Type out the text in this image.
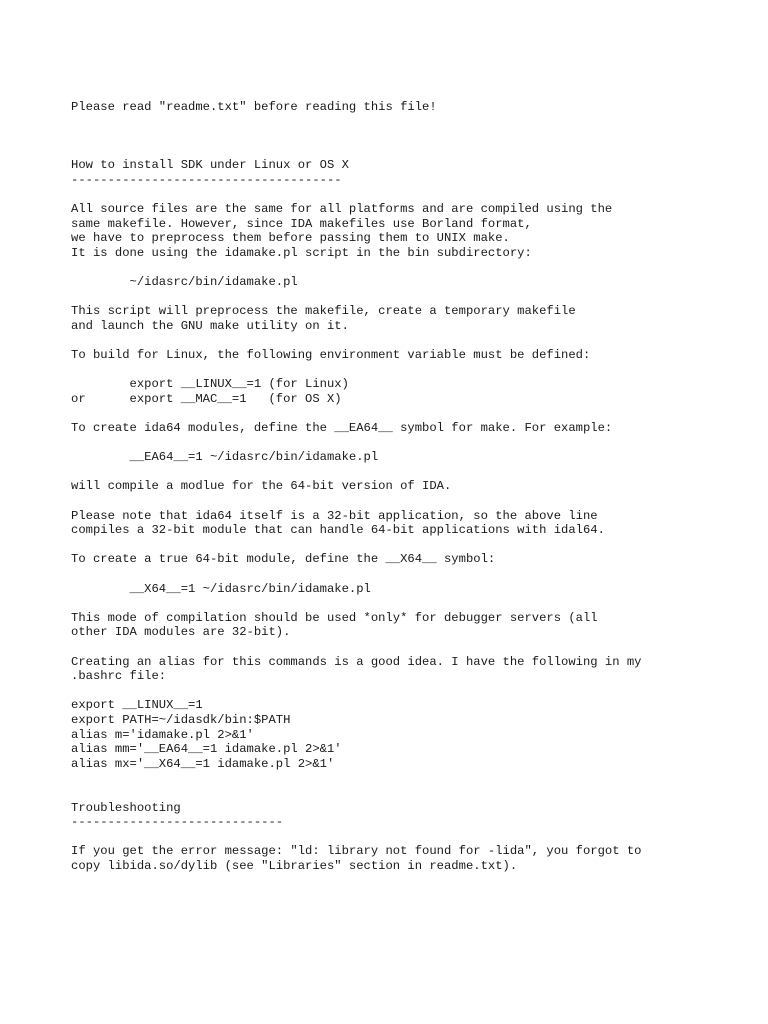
Please read "readme.txt" before reading this file!
How to install SDK under Linux or OS X
-------------------------------------
All source files are the same for all platforms and are compiled using the
same makefile. However, since IDA makefiles use Borland format,
we have to preprocess them before passing them to UNIX make.
It is done using the idamake.pl script in the bin subdirectory:
~/idasrc/bin/idamake.pl
This script will preprocess the makefile, create a temporary makefile
and launch the GNU make utility on it.
To build for Linux, the following environment variable must be defined:
export __LINUX__=1 (for Linux)
or      export __MAC__=1   (for OS X)
To create ida64 modules, define the __EA64__ symbol for make. For example:
__EA64__=1 ~/idasrc/bin/idamake.pl
will compile a modlue for the 64-bit version of IDA.
Please note that ida64 itself is a 32-bit application, so the above line
compiles a 32-bit module that can handle 64-bit applications with idal64.
To create a true 64-bit module, define the __X64__ symbol:
__X64__=1 ~/idasrc/bin/idamake.pl
This mode of compilation should be used *only* for debugger servers (all
other IDA modules are 32-bit).
Creating an alias for this commands is a good idea. I have the following in my
.bashrc file:
export __LINUX__=1
export PATH=~/idasdk/bin:$PATH
alias m='idamake.pl 2>&1'
alias mm='__EA64__=1 idamake.pl 2>&1'
alias mx='__X64__=1 idamake.pl 2>&1'
Troubleshooting
-----------------------------
If you get the error message: "ld: library not found for -lida", you forgot to
copy libida.so/dylib (see "Libraries" section in readme.txt).
